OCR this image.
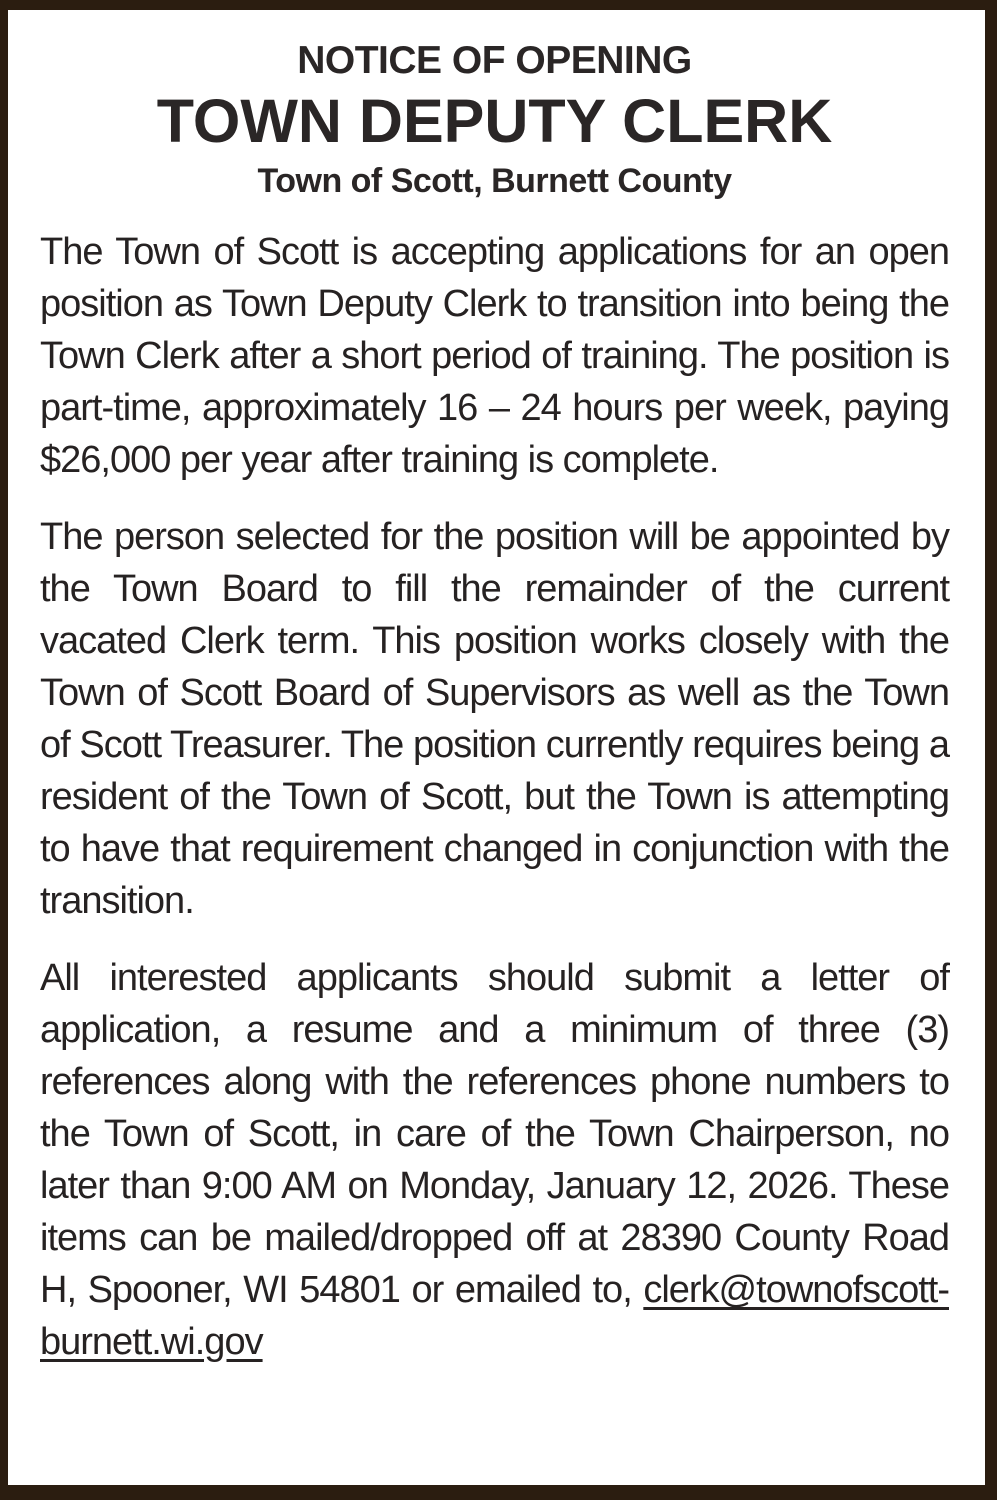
NOTICE OF OPENING
TOWN DEPUTY CLERK
Town of Scott, Burnett County

The Town of Scott is accepting applications for an open position as Town Deputy Clerk to transition into being the Town Clerk after a short period of training. The position is part-time, approximately 16 – 24 hours per week, paying $26,000 per year after training is complete.

The person selected for the position will be appointed by the Town Board to fill the remainder of the current vacated Clerk term. This position works closely with the Town of Scott Board of Supervisors as well as the Town of Scott Treasurer. The position currently requires being a resident of the Town of Scott, but the Town is attempting to have that requirement changed in conjunction with the transition.

All interested applicants should submit a letter of application, a resume and a minimum of three (3) references along with the references phone numbers to the Town of Scott, in care of the Town Chairperson, no later than 9:00 AM on Monday, January 12, 2026. These items can be mailed/dropped off at 28390 County Road H, Spooner, WI 54801 or emailed to, clerk@townofscott-burnett.wi.gov
